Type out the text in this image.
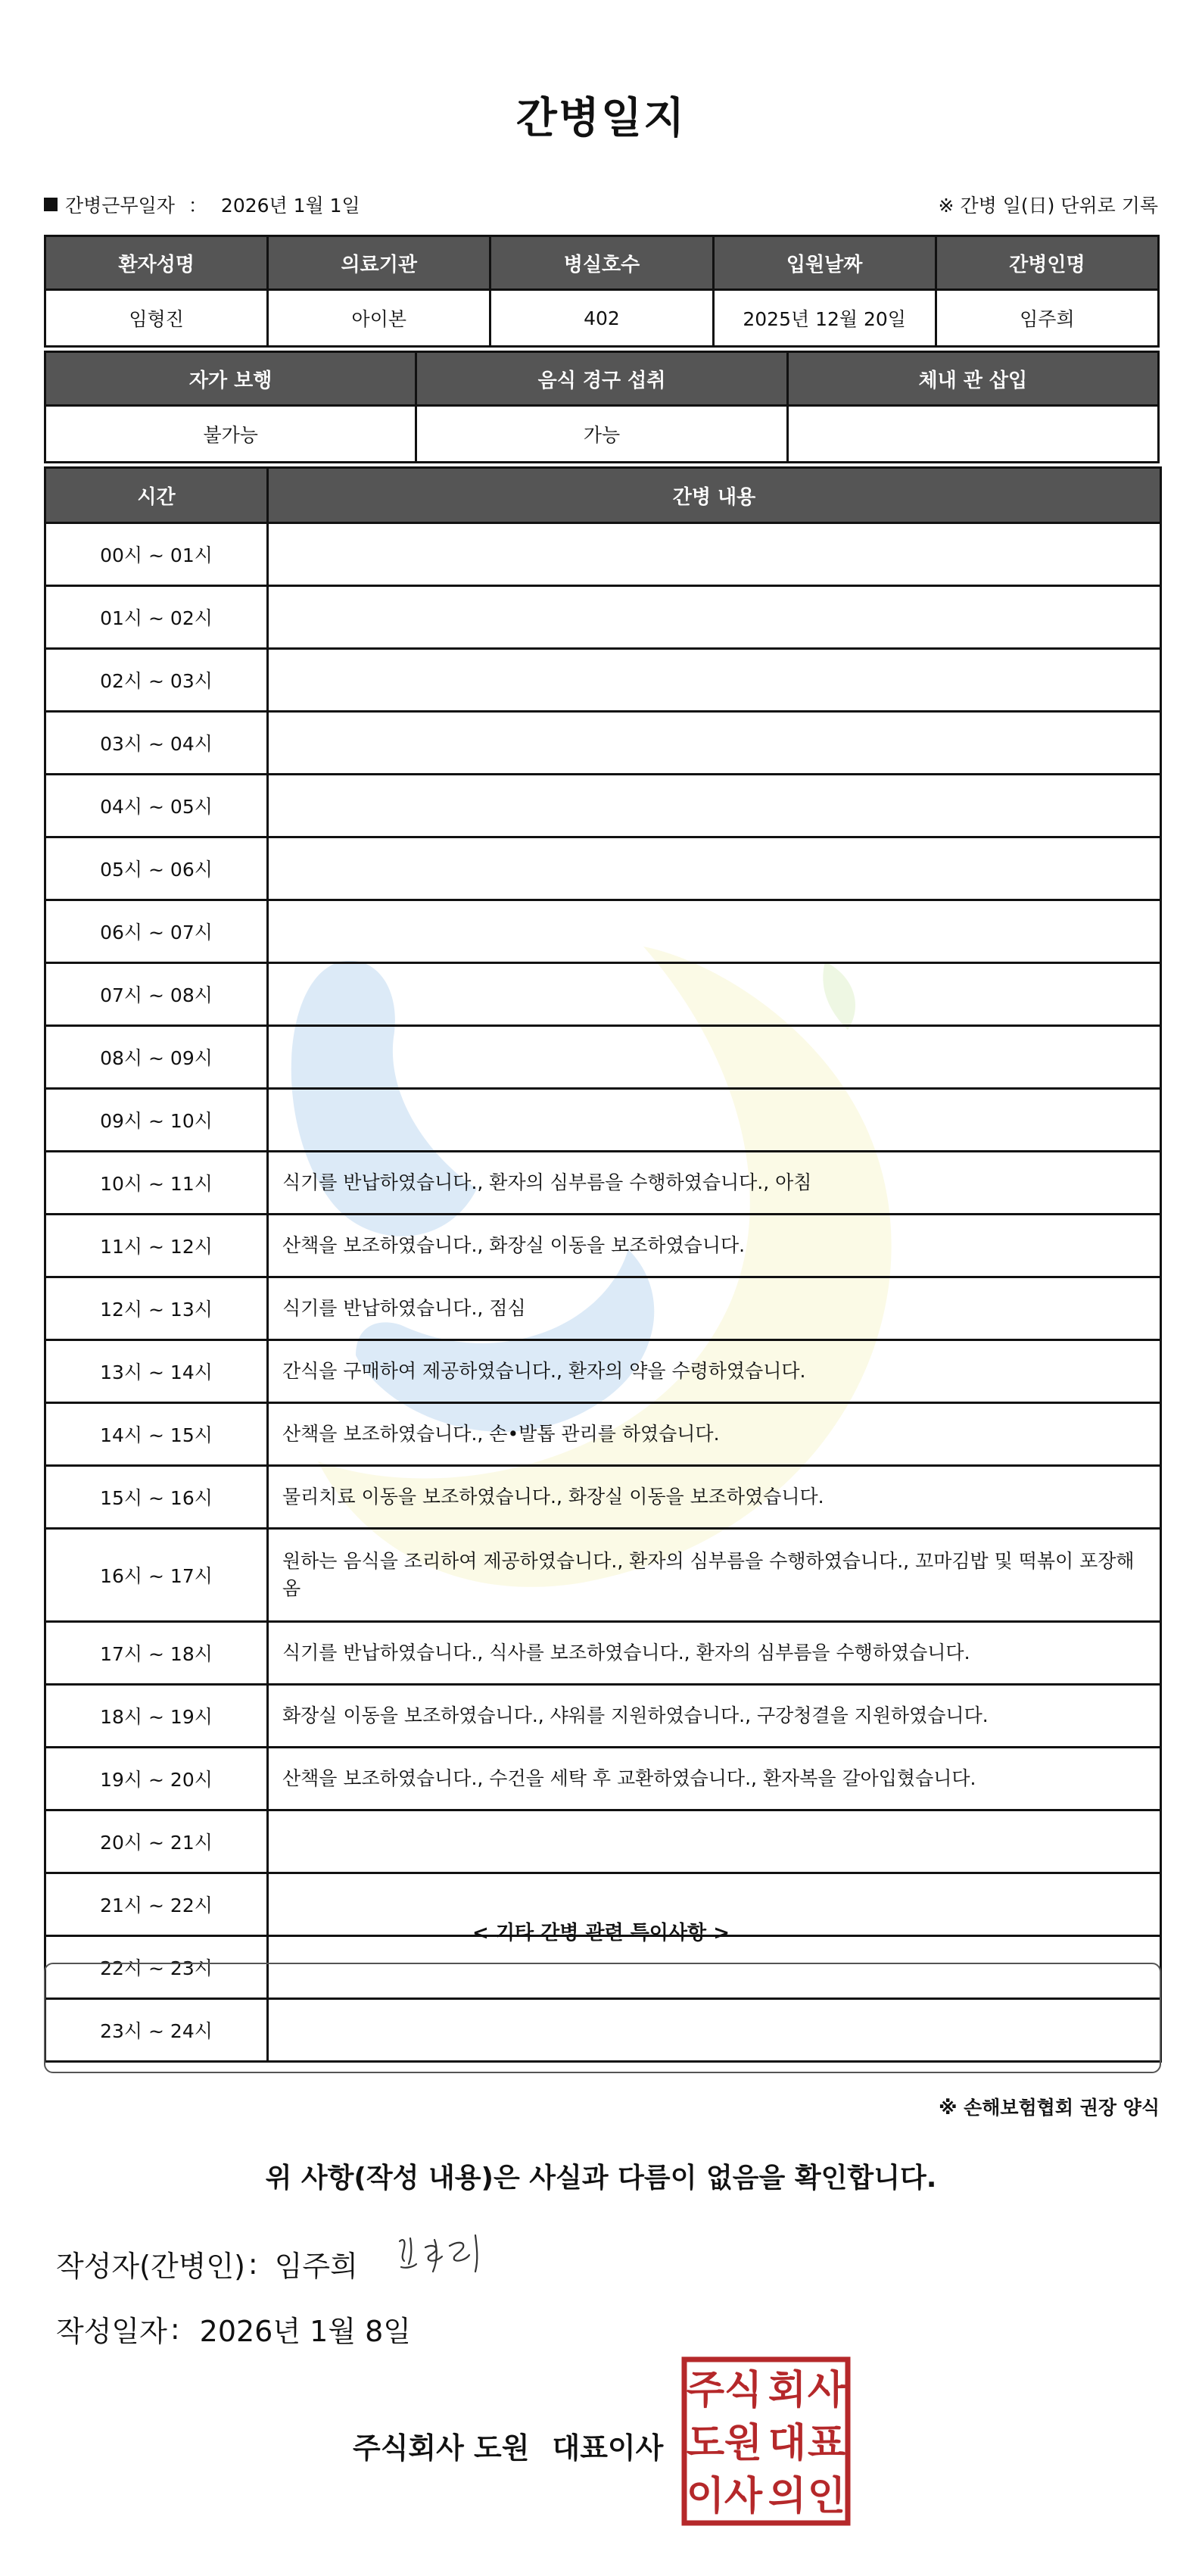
간병일지
간병근무일자 ： 2026년 1월 1일	※ 간병 일(日) 단위로 기록
환자성명	의료기관	병실호수	입원날짜	간병인명
임형진	아이본	402	2025년 12월 20일	임주희
자가 보행	음식 경구 섭취	체내 관 삽입
불가능	가능	
시간	간병 내용
00시 ~ 01시	
01시 ~ 02시	
02시 ~ 03시	
03시 ~ 04시	
04시 ~ 05시	
05시 ~ 06시	
06시 ~ 07시	
07시 ~ 08시	
08시 ~ 09시	
09시 ~ 10시	
10시 ~ 11시	식기를 반납하였습니다., 환자의 심부름을 수행하였습니다., 아침
11시 ~ 12시	산책을 보조하였습니다., 화장실 이동을 보조하였습니다.
12시 ~ 13시	식기를 반납하였습니다., 점심
13시 ~ 14시	간식을 구매하여 제공하였습니다., 환자의 약을 수령하였습니다.
14시 ~ 15시	산책을 보조하였습니다., 손•발톱 관리를 하였습니다.
15시 ~ 16시	물리치료 이동을 보조하였습니다., 화장실 이동을 보조하였습니다.
16시 ~ 17시	원하는 음식을 조리하여 제공하였습니다., 환자의 심부름을 수행하였습니다., 꼬마김밥 및 떡볶이 포장해옴
17시 ~ 18시	식기를 반납하였습니다., 식사를 보조하였습니다., 환자의 심부름을 수행하였습니다.
18시 ~ 19시	화장실 이동을 보조하였습니다., 샤워를 지원하였습니다., 구강청결을 지원하였습니다.
19시 ~ 20시	산책을 보조하였습니다., 수건을 세탁 후 교환하였습니다., 환자복을 갈아입혔습니다.
20시 ~ 21시	
21시 ~ 22시	
22시 ~ 23시	
23시 ~ 24시	
< 기타 간병 관련 특이사항 >
※ 손해보험협회 권장 양식
위 사항(작성 내용)은 사실과 다름이 없음을 확인합니다.
작성자(간병인) : 임주희
작성일자 : 2026년 1월 8일
주식회사 도원 대표이사
주 식 회 사
도 원 대 표
이 사 의 인
